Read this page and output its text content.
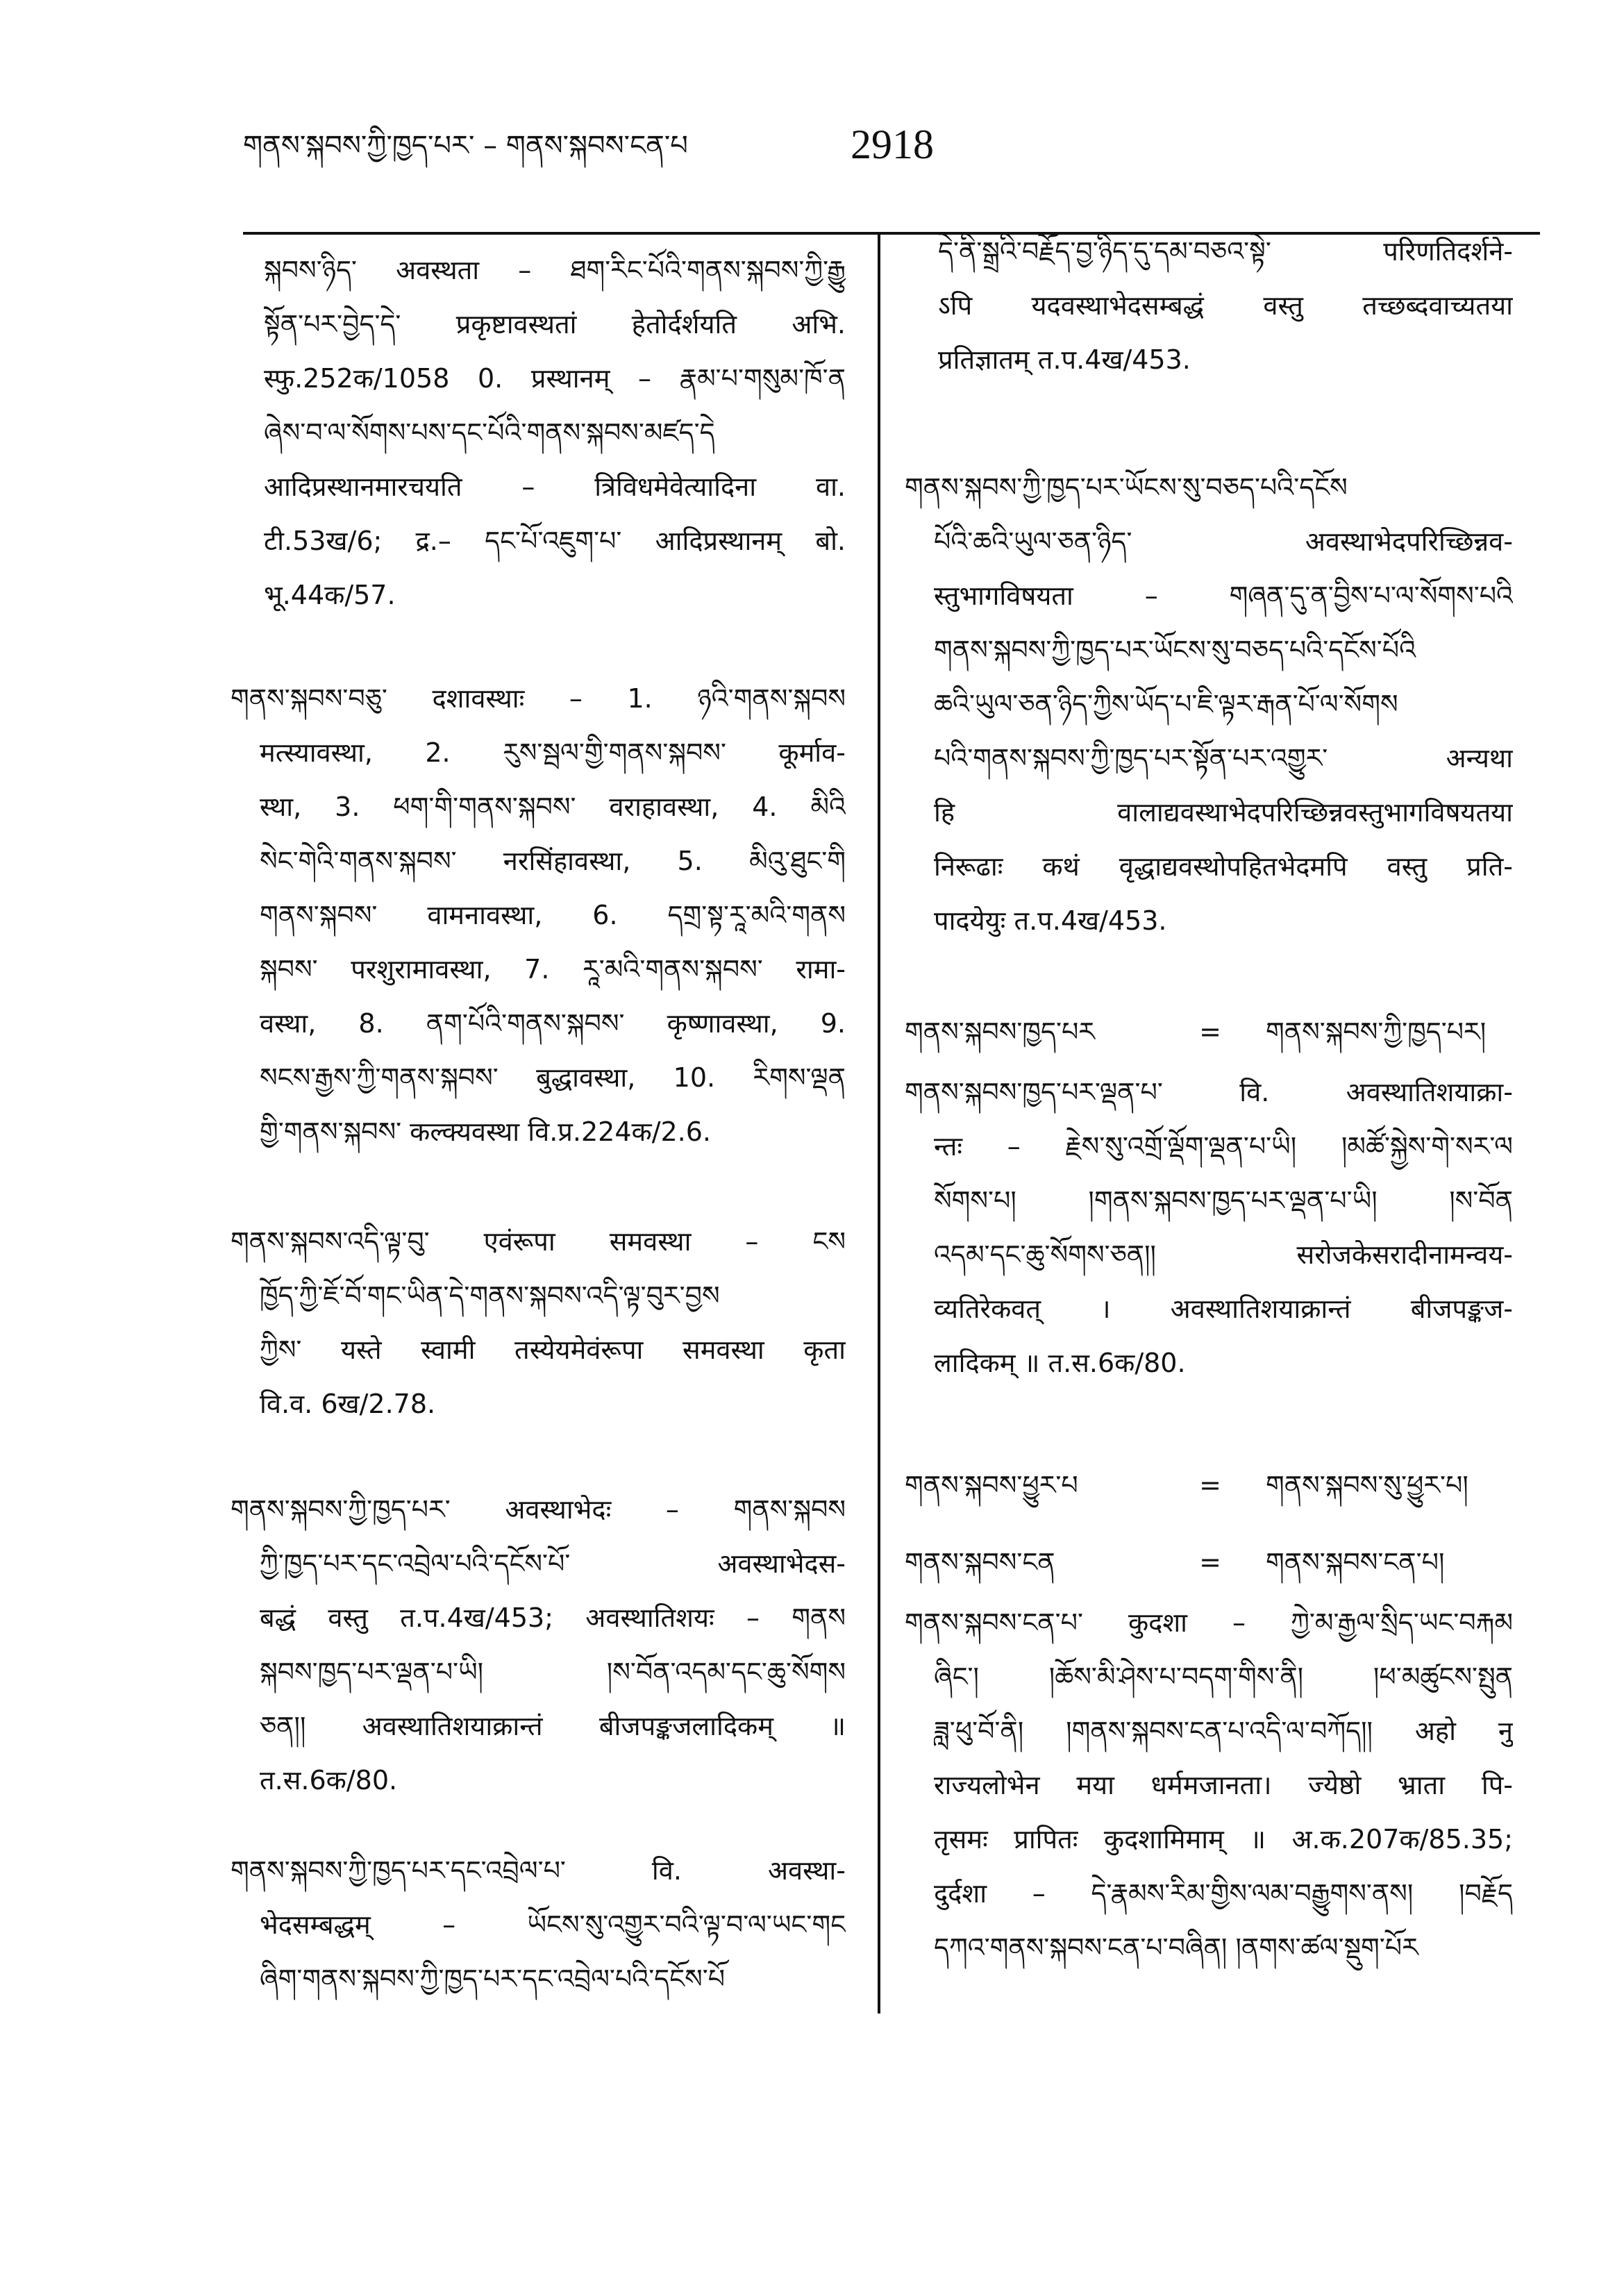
གནས་སྐབས་ཀྱི་ཁྱད་པར་ – གནས་སྐབས་ངན་པ	2918
སྐབས་ཉིད་ अवस्थता – ཐག་རིང་པོའི་གནས་སྐབས་ཀྱི་རྒྱུ
སྟོན་པར་བྱེད་དེ་ प्रकृष्टावस्थतां हेतोर्दर्शयति अभि.
स्फु.252क/1058 0. प्रस्थानम् – རྣམ་པ་གསུམ་ཁོ་ན
ཞེས་བ་ལ་སོགས་པས་དང་པོའི་གནས་སྐབས་མཛད་དེ
आदिप्रस्थानमारचयति – त्रिविधमेवेत्यादिना वा.
टी.53ख/6; द्र.– དང་པོ་འཇུག་པ་ आदिप्रस्थानम् बो.
भू.44क/57.
གནས་སྐབས་བཅུ་ दशावस्थाः – 1. ཉའི་གནས་སྐབས
मत्स्यावस्था, 2. རུས་སྦལ་གྱི་གནས་སྐབས་ कूर्माव-
स्था, 3. ཕག་གི་གནས་སྐབས་ वराहावस्था, 4. མིའི
སེང་གེའི་གནས་སྐབས་ नरसिंहावस्था, 5. མིའུ་ཐུང་གི
གནས་སྐབས་ वामनावस्था, 6. དགྲ་སྟ་རཱ་མའི་གནས
སྐབས་ परशुरामावस्था, 7. རཱ་མའི་གནས་སྐབས་ रामा-
वस्था, 8. ནག་པོའི་གནས་སྐབས་ कृष्णावस्था, 9.
སངས་རྒྱས་ཀྱི་གནས་སྐབས་ बुद्धावस्था, 10. རིགས་ལྡན
གྱི་གནས་སྐབས་ कल्क्यवस्था वि.प्र.224क/2.6.
གནས་སྐབས་འདི་ལྟ་བུ་ एवंरूपा समवस्था – ངས
ཁྱོད་ཀྱི་ཇོ་བོ་གང་ཡིན་དེ་གནས་སྐབས་འདི་ལྟ་བུར་བྱས
ཀྱིས་ यस्ते स्वामी तस्येयमेवंरूपा समवस्था कृता
वि.व. 6ख/2.78.
གནས་སྐབས་ཀྱི་ཁྱད་པར་ अवस्थाभेदः – གནས་སྐབས
ཀྱི་ཁྱད་པར་དང་འབྲེལ་པའི་དངོས་པོ་ अवस्थाभेदस-
बद्धं वस्तु त.प.4ख/453; अवस्थातिशयः – གནས
སྐབས་ཁྱད་པར་ལྡན་པ་ཡི། །ས་བོན་འདམ་དང་ཆུ་སོགས
ཅན།། अवस्थातिशयाक्रान्तं बीजपङ्कजलादिकम् ॥
त.स.6क/80.
གནས་སྐབས་ཀྱི་ཁྱད་པར་དང་འབྲེལ་པ་ वि. अवस्था-
भेदसम्बद्धम् – ཡོངས་སུ་འགྱུར་བའི་ལྟ་བ་ལ་ཡང་གང
ཞིག་གནས་སྐབས་ཀྱི་ཁྱད་པར་དང་འབྲེལ་པའི་དངོས་པོ
དེ་ནི་སྒྲའི་བརྗོད་བྱ་ཉིད་དུ་དམ་བཅའ་སྟེ་ परिणतिदर्शने-
ऽपि यदवस्थाभेदसम्बद्धं वस्तु तच्छब्दवाच्यतया
प्रतिज्ञातम् त.प.4ख/453.
གནས་སྐབས་ཀྱི་ཁྱད་པར་ཡོངས་སུ་བཅད་པའི་དངོས
པོའི་ཆའི་ཡུལ་ཅན་ཉིད་ अवस्थाभेदपरिच्छिन्नव-
स्तुभागविषयता – གཞན་དུ་ན་བྱིས་པ་ལ་སོགས་པའི
གནས་སྐབས་ཀྱི་ཁྱད་པར་ཡོངས་སུ་བཅད་པའི་དངོས་པོའི
ཆའི་ཡུལ་ཅན་ཉིད་ཀྱིས་ཡོད་པ་ཇི་ལྟར་རྒན་པོ་ལ་སོགས
པའི་གནས་སྐབས་ཀྱི་ཁྱད་པར་སྟོན་པར་འགྱུར་ अन्यथा
हि वालाद्यवस्थाभेदपरिच्छिन्नवस्तुभागविषयतया
निरूढाः कथं वृद्धाद्यवस्थोपहितभेदमपि वस्तु प्रति-
पादयेयुः त.प.4ख/453.
གནས་སྐབས་ཁྱད་པར	=	གནས་སྐབས་ཀྱི་ཁྱད་པར།
གནས་སྐབས་ཁྱད་པར་ལྡན་པ་ वि. अवस्थातिशयाक्रा-
न्तः – རྗེས་སུ་འགྲོ་ལྡོག་ལྡན་པ་ཡི། །མཚོ་སྐྱེས་གེ་སར་ལ
སོགས་པ། །གནས་སྐབས་ཁྱད་པར་ལྡན་པ་ཡི། །ས་བོན
འདམ་དང་ཆུ་སོགས་ཅན།། सरोजकेसरादीनामन्वय-
व्यतिरेकवत् । अवस्थातिशयाक्रान्तं बीजपङ्कज-
लादिकम् ॥ त.स.6क/80.
གནས་སྐབས་ཕྱུར་པ	=	གནས་སྐབས་སུ་ཕྱུར་པ།
གནས་སྐབས་ངན	=	གནས་སྐབས་ངན་པ།
གནས་སྐབས་ངན་པ་ कुदशा – ཀྱེ་མ་རྒྱལ་སྲིད་ཡང་བརྐམ
ཞིང་། །ཆོས་མི་ཤེས་པ་བདག་གིས་ནི། །ཕ་མཚུངས་སྤུན
ཟླ་ཕུ་བོ་ནི། །གནས་སྐབས་ངན་པ་འདི་ལ་བཀོད།། अहो नु
राज्यलोभेन मया धर्ममजानता। ज्येष्ठो भ्राता पि-
तृसमः प्रापितः कुदशामिमाम् ॥ अ.क.207क/85.35;
दुर्दशा – དེ་རྣམས་རིམ་གྱིས་ལམ་བརྒྱུགས་ནས། །བརྗོད
དཀའ་གནས་སྐབས་ངན་པ་བཞིན། །ནགས་ཚལ་སྡུག་པོར
